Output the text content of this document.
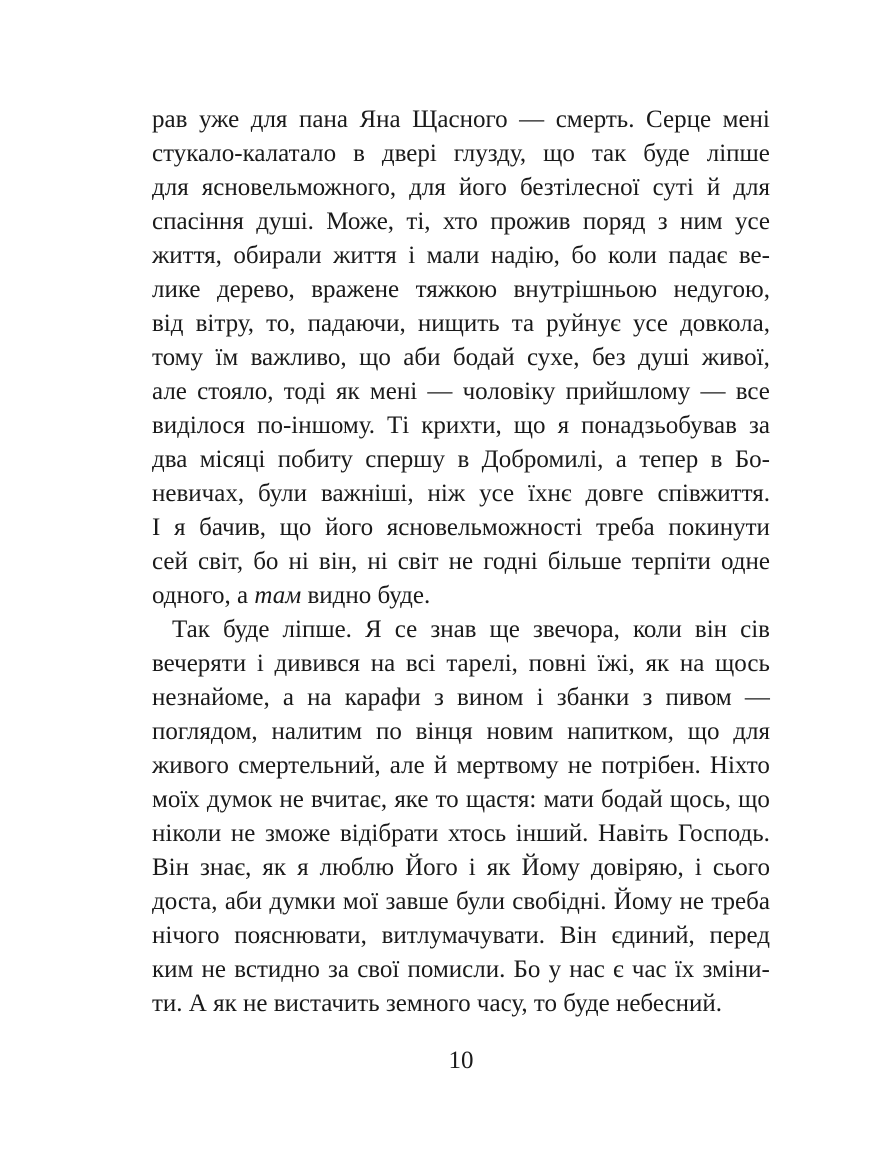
рав уже для пана Яна Щасного — смерть. Серце мені
стукало-калатало в двері глузду, що так буде ліпше
для ясновельможного, для його безтілесної суті й для
спасіння душі. Може, ті, хто прожив поряд з ним усе
життя, обирали життя і мали надію, бо коли падає ве-
лике дерево, вражене тяжкою внутрішньою недугою,
від вітру, то, падаючи, нищить та руйнує усе довкола,
тому їм важливо, що аби бодай сухе, без душі живої,
але стояло, тоді як мені — чоловіку прийшлому — все
виділося по-іншому. Ті крихти, що я понадзьобував за
два місяці побиту спершу в Добромилі, а тепер в Бо-
невичах, були важніші, ніж усе їхнє довге співжиття.
І я бачив, що його ясновельможності треба покинути
сей світ, бо ні він, ні світ не годні більше терпіти одне
одного, а там видно буде.
Так буде ліпше. Я се знав ще звечора, коли він сів
вечеряти і дивився на всі тарелі, повні їжі, як на щось
незнайоме, а на карафи з вином і збанки з пивом —
поглядом, налитим по вінця новим напитком, що для
живого смертельний, але й мертвому не потрібен. Ніхто
моїх думок не вчитає, яке то щастя: мати бодай щось, що
ніколи не зможе відібрати хтось інший. Навіть Господь.
Він знає, як я люблю Його і як Йому довіряю, і сього
доста, аби думки мої завше були свобідні. Йому не треба
нічого пояснювати, витлумачувати. Він єдиний, перед
ким не встидно за свої помисли. Бо у нас є час їх зміни-
ти. А як не вистачить земного часу, то буде небесний.
10
